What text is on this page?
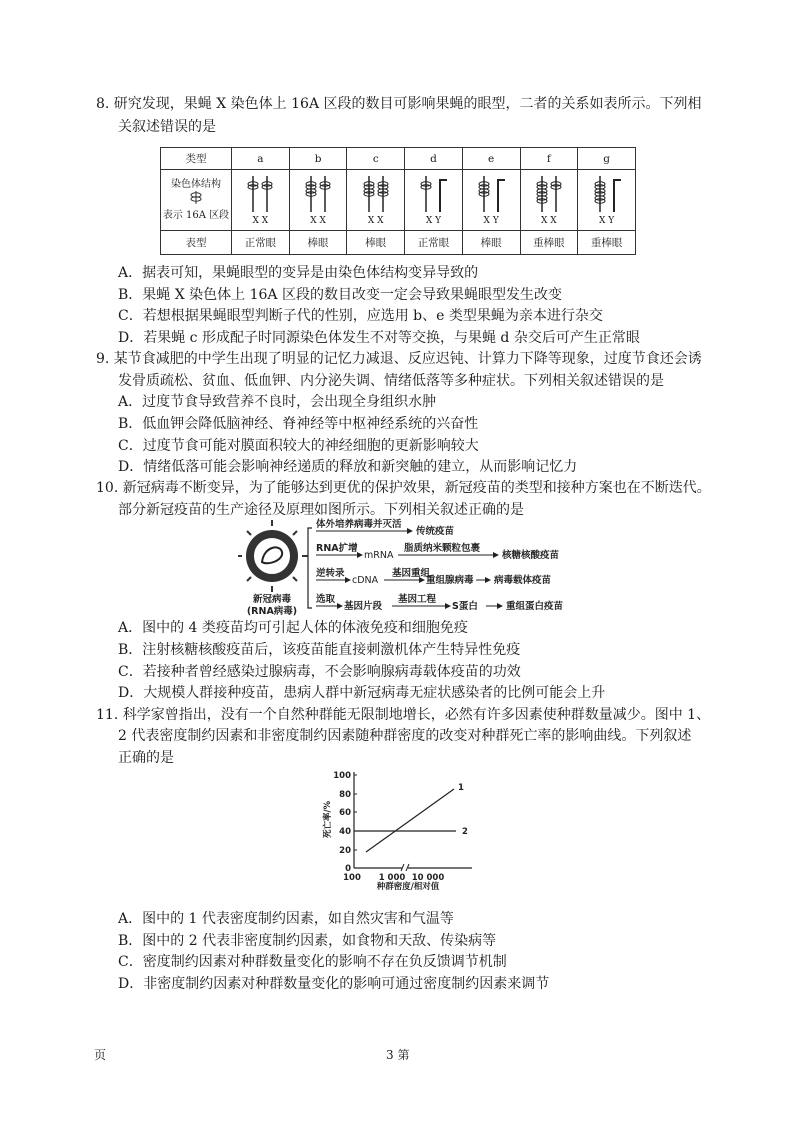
8. 研究发现，果蝇 X 染色体上 16A 区段的数目可影响果蝇的眼型，二者的关系如表所示。下列相
关叙述错误的是
类型	a	b	c	d	e	f	g

染色体结构
表示 16A 区段	X X	X X	X X	X Y	X Y	X X	X Y

表型	正常眼	棒眼	棒眼	正常眼	棒眼	重棒眼	重棒眼
A．据表可知，果蝇眼型的变异是由染色体结构变异导致的
B．果蝇 X 染色体上 16A 区段的数目改变一定会导致果蝇眼型发生改变
C．若想根据果蝇眼型判断子代的性别，应选用 b、e 类型果蝇为亲本进行杂交
D．若果蝇 c 形成配子时同源染色体发生不对等交换，与果蝇 d 杂交后可产生正常眼
9. 某节食减肥的中学生出现了明显的记忆力减退、反应迟钝、计算力下降等现象，过度节食还会诱
发骨质疏松、贫血、低血钾、内分泌失调、情绪低落等多种症状。下列相关叙述错误的是
A．过度节食导致营养不良时，会出现全身组织水肿
B．低血钾会降低脑神经、脊神经等中枢神经系统的兴奋性
C．过度节食可能对膜面积较大的神经细胞的更新影响较大
D．情绪低落可能会影响神经递质的释放和新突触的建立，从而影响记忆力
10. 新冠病毒不断变异，为了能够达到更优的保护效果，新冠疫苗的类型和接种方案也在不断迭代。
部分新冠疫苗的生产途径及原理如图所示。下列相关叙述正确的是
新冠病毒
(RNA病毒)
体外培养病毒并灭活
传统疫苗
RNA扩增
mRNA
脂质纳米颗粒包裹
核糖核酸疫苗
逆转录
cDNA
基因重组
重组腺病毒 病毒载体疫苗
选取
基因片段
基因工程
S蛋白	重组蛋白疫苗
A．图中的 4 类疫苗均可引起人体的体液免疫和细胞免疫
B．注射核糖核酸疫苗后，该疫苗能直接刺激机体产生特异性免疫
C．若接种者曾经感染过腺病毒，不会影响腺病毒载体疫苗的功效
D．大规模人群接种疫苗，患病人群中新冠病毒无症状感染者的比例可能会上升
11. 科学家曾指出，没有一个自然种群能无限制地增长，必然有许多因素使种群数量减少。图中 1、
2 代表密度制约因素和非密度制约因素随种群密度的改变对种群死亡率的影响曲线。下列叙述
正确的是
100
80
60
40
20
0
死亡率/%
1
2
100 1 000 10 000
种群密度/相对值
A．图中的 1 代表密度制约因素，如自然灾害和气温等
B．图中的 2 代表非密度制约因素，如食物和天敌、传染病等
C．密度制约因素对种群数量变化的影响不存在负反馈调节机制
D．非密度制约因素对种群数量变化的影响可通过密度制约因素来调节
页	3 第
